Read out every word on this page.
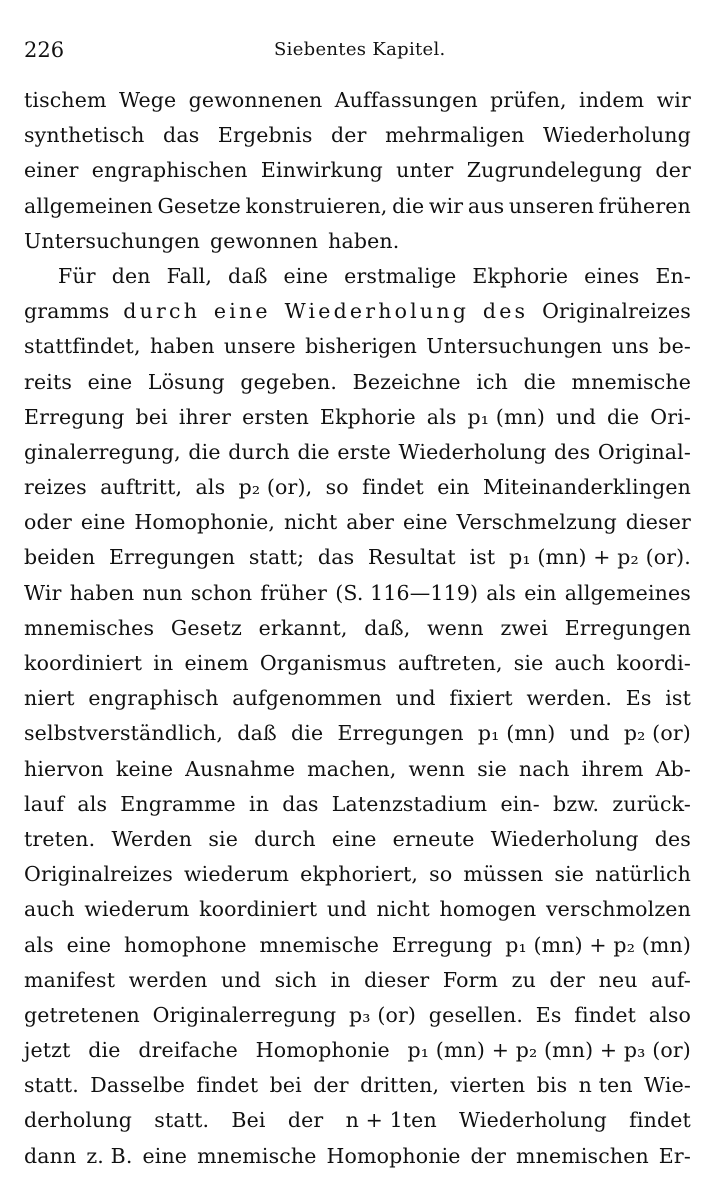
226	Siebentes Kapitel.
tischem Wege gewonnenen Auffassungen prüfen, indem wir
synthetisch das Ergebnis der mehrmaligen Wiederholung
einer engraphischen Einwirkung unter Zugrundelegung der
allgemeinen Gesetze konstruieren, die wir aus unseren früheren
Untersuchungen gewonnen haben.
Für den Fall, daß eine erstmalige Ekphorie eines En-
gramms durch eine Wiederholung des Originalreizes
stattfindet, haben unsere bisherigen Untersuchungen uns be-
reits eine Lösung gegeben. Bezeichne ich die mnemische
Erregung bei ihrer ersten Ekphorie als p₁ (mn) und die Ori-
ginalerregung, die durch die erste Wiederholung des Original-
reizes auftritt, als p₂ (or), so findet ein Miteinanderklingen
oder eine Homophonie, nicht aber eine Verschmelzung dieser
beiden Erregungen statt; das Resultat ist p₁ (mn) + p₂ (or).
Wir haben nun schon früher (S. 116—119) als ein allgemeines
mnemisches Gesetz erkannt, daß, wenn zwei Erregungen
koordiniert in einem Organismus auftreten, sie auch koordi-
niert engraphisch aufgenommen und fixiert werden. Es ist
selbstverständlich, daß die Erregungen p₁ (mn) und p₂ (or)
hiervon keine Ausnahme machen, wenn sie nach ihrem Ab-
lauf als Engramme in das Latenzstadium ein- bzw. zurück-
treten. Werden sie durch eine erneute Wiederholung des
Originalreizes wiederum ekphoriert, so müssen sie natürlich
auch wiederum koordiniert und nicht homogen verschmolzen
als eine homophone mnemische Erregung p₁ (mn) + p₂ (mn)
manifest werden und sich in dieser Form zu der neu auf-
getretenen Originalerregung p₃ (or) gesellen. Es findet also
jetzt die dreifache Homophonie p₁ (mn) + p₂ (mn) + p₃ (or)
statt. Dasselbe findet bei der dritten, vierten bis n ten Wie-
derholung statt. Bei der n + 1ten Wiederholung findet
dann z. B. eine mnemische Homophonie der mnemischen Er-
